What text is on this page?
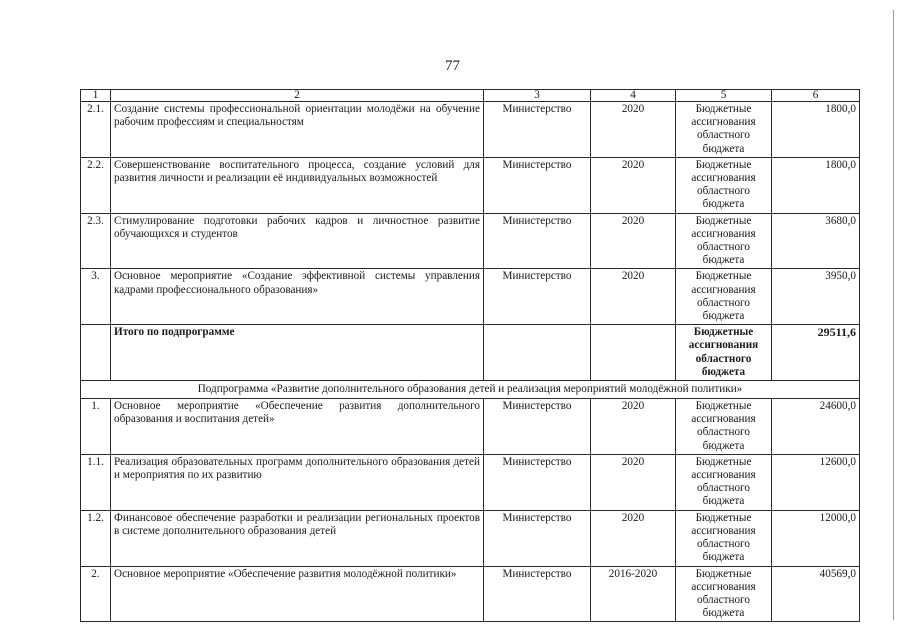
77
1	2	3	4	5	6
2.1.	Создание системы профессиональной ориентации молодёжи на обучение рабочим профессиям и специальностям	Министерство	2020	Бюджетные ассигнования областного бюджета	1800,0
2.2.	Совершенствование воспитательного процесса, создание условий для развития личности и реализации её индивидуальных возможностей	Министерство	2020	Бюджетные ассигнования областного бюджета	1800,0
2.3.	Стимулирование подготовки рабочих кадров и личностное развитие обучающихся и студентов	Министерство	2020	Бюджетные ассигнования областного бюджета	3680,0
3.	Основное мероприятие «Создание эффективной системы управления кадрами профессионального образования»	Министерство	2020	Бюджетные ассигнования областного бюджета	3950,0
	Итого по подпрограмме			Бюджетные ассигнования областного бюджета	29511,6
Подпрограмма «Развитие дополнительного образования детей и реализация мероприятий молодёжной политики»					
1.	Основное мероприятие «Обеспечение развития дополнительного образования и воспитания детей»	Министерство	2020	Бюджетные ассигнования областного бюджета	24600,0
1.1.	Реализация образовательных программ дополнительного образования детей и мероприятия по их развитию	Министерство	2020	Бюджетные ассигнования областного бюджета	12600,0
1.2.	Финансовое обеспечение разработки и реализации региональных проектов в системе дополнительного образования детей	Министерство	2020	Бюджетные ассигнования областного бюджета	12000,0
2.	Основное мероприятие «Обеспечение развития молодёжной политики»	Министерство	2016-2020	Бюджетные ассигнования областного бюджета	40569,0
